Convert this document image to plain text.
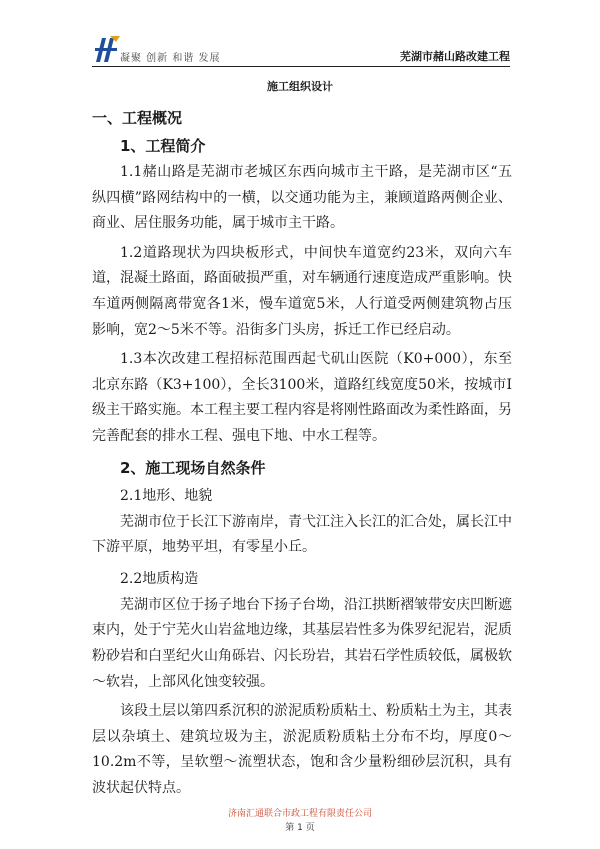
凝聚 创新 和谐 发展	芜湖市赭山路改建工程
施工组织设计

一、工程概况

1、工程简介

1.1赭山路是芜湖市老城区东西向城市主干路，是芜湖市区“五纵四横”路网结构中的一横，以交通功能为主，兼顾道路两侧企业、商业、居住服务功能，属于城市主干路。

1.2道路现状为四块板形式，中间快车道宽约23米，双向六车道，混凝土路面，路面破损严重，对车辆通行速度造成严重影响。快车道两侧隔离带宽各1米，慢车道宽5米，人行道受两侧建筑物占压影响，宽2～5米不等。沿街多门头房，拆迁工作已经启动。

1.3本次改建工程招标范围西起弋矶山医院（K0+000），东至北京东路（K3+100），全长3100米，道路红线宽度50米，按城市I级主干路实施。本工程主要工程内容是将刚性路面改为柔性路面，另完善配套的排水工程、强电下地、中水工程等。

2、施工现场自然条件

2.1地形、地貌

芜湖市位于长江下游南岸，青弋江注入长江的汇合处，属长江中下游平原，地势平坦，有零星小丘。

2.2地质构造

芜湖市区位于扬子地台下扬子台坳，沿江拱断褶皱带安庆凹断遮束内，处于宁芜火山岩盆地边缘，其基层岩性多为侏罗纪泥岩，泥质粉砂岩和白垩纪火山角砾岩、闪长玢岩，其岩石学性质较低，属极软～软岩，上部风化蚀变较强。

该段土层以第四系沉积的淤泥质粉质粘土、粉质粘土为主，其表层以杂填土、建筑垃圾为主，淤泥质粉质粘土分布不均，厚度0～10.2m不等，呈软塑～流塑状态，饱和含少量粉细砂层沉积，具有波状起伏特点。

济南汇通联合市政工程有限责任公司
第 1 页
